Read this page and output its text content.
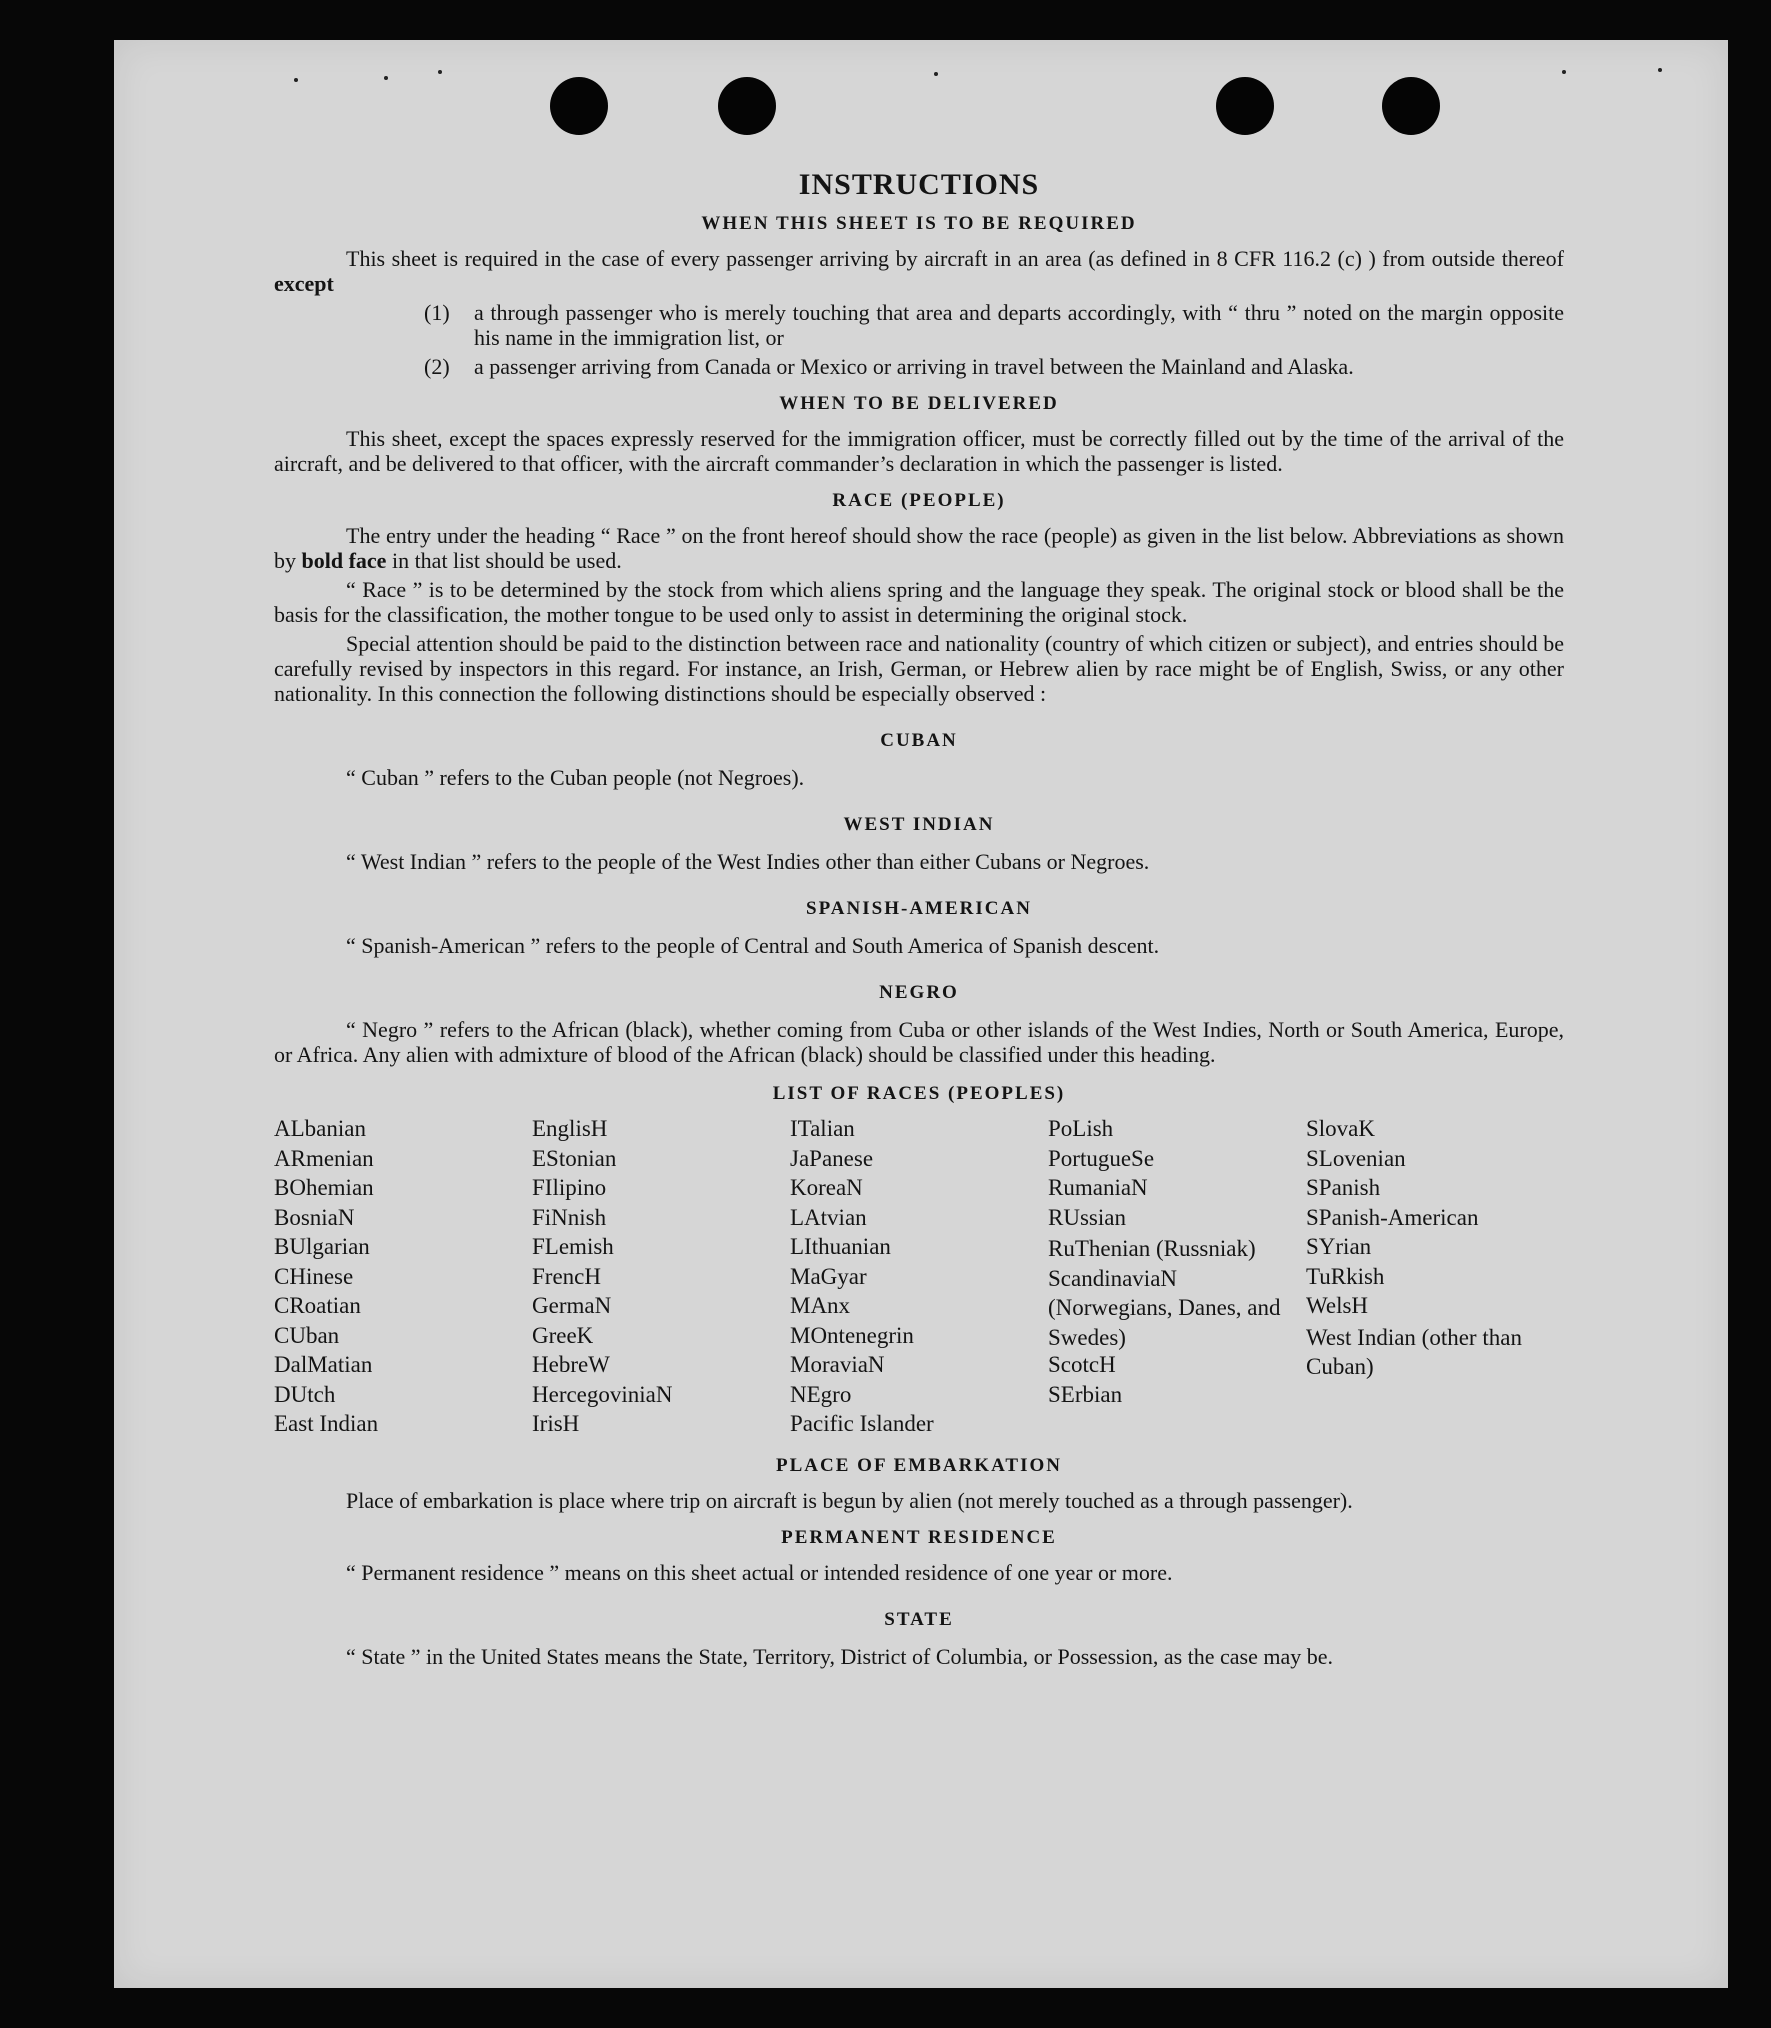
INSTRUCTIONS
WHEN THIS SHEET IS TO BE REQUIRED
This sheet is required in the case of every passenger arriving by aircraft in an area (as defined in 8 CFR 116.2 (c) ) from outside thereof except
(1)	a through passenger who is merely touching that area and departs accordingly, with “ thru ” noted on the margin opposite his name in the immigration list, or
(2)	a passenger arriving from Canada or Mexico or arriving in travel between the Mainland and Alaska.
WHEN TO BE DELIVERED
This sheet, except the spaces expressly reserved for the immigration officer, must be correctly filled out by the time of the arrival of the aircraft, and be delivered to that officer, with the aircraft commander’s declaration in which the passenger is listed.
RACE (PEOPLE)
The entry under the heading “ Race ” on the front hereof should show the race (people) as given in the list below. Abbreviations as shown by bold face in that list should be used.
“ Race ” is to be determined by the stock from which aliens spring and the language they speak. The original stock or blood shall be the basis for the classification, the mother tongue to be used only to assist in determining the original stock.
Special attention should be paid to the distinction between race and nationality (country of which citizen or subject), and entries should be carefully revised by inspectors in this regard. For instance, an Irish, German, or Hebrew alien by race might be of English, Swiss, or any other nationality. In this connection the following distinctions should be especially observed :
CUBAN
“ Cuban ” refers to the Cuban people (not Negroes).
WEST INDIAN
“ West Indian ” refers to the people of the West Indies other than either Cubans or Negroes.
SPANISH-AMERICAN
“ Spanish-American ” refers to the people of Central and South America of Spanish descent.
NEGRO
“ Negro ” refers to the African (black), whether coming from Cuba or other islands of the West Indies, North or South America, Europe, or Africa. Any alien with admixture of blood of the African (black) should be classified under this heading.
LIST OF RACES (PEOPLES)
ALbanian
ARmenian
BOhemian
BosniaN
BUlgarian
CHinese
CRoatian
CUban
DalMatian
DUtch
East Indian
EnglisH
EStonian
FIlipino
FiNnish
FLemish
FrencH
GermaN
GreeK
HebreW
HercegoviniaN
IrisH
ITalian
JaPanese
KoreaN
LAtvian
LIthuanian
MaGyar
MAnx
MOntenegrin
MoraviaN
NEgro
Pacific Islander
PoLish
PortugueSe
RumaniaN
RUssian
RuThenian (Russniak)
ScandinaviaN (Norwegians, Danes, and Swedes)
ScotcH
SErbian
SlovaK
SLovenian
SPanish
SPanish-American
SYrian
TuRkish
WelsH
West Indian (other than Cuban)
PLACE OF EMBARKATION
Place of embarkation is place where trip on aircraft is begun by alien (not merely touched as a through passenger).
PERMANENT RESIDENCE
“ Permanent residence ” means on this sheet actual or intended residence of one year or more.
STATE
“ State ” in the United States means the State, Territory, District of Columbia, or Possession, as the case may be.
